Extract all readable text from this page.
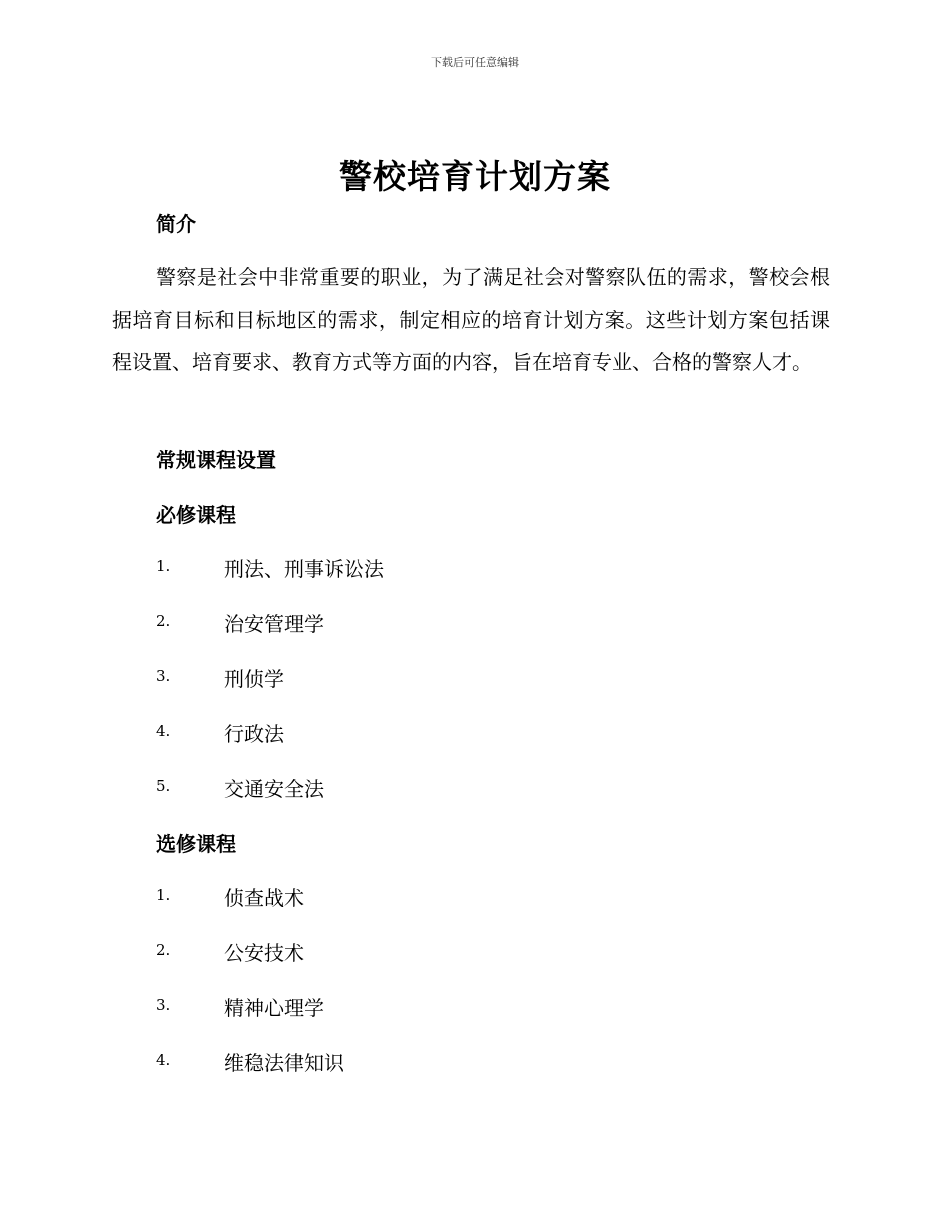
下载后可任意编辑
警校培育计划方案
简介

警察是社会中非常重要的职业，为了满足社会对警察队伍的需求，警校会根据培育目标和目标地区的需求，制定相应的培育计划方案。这些计划方案包括课程设置、培育要求、教育方式等方面的内容，旨在培育专业、合格的警察人才。

常规课程设置
必修课程
1.	刑法、刑事诉讼法
2.	治安管理学
3.	刑侦学
4.	行政法
5.	交通安全法
选修课程
1.	侦查战术
2.	公安技术
3.	精神心理学
4.	维稳法律知识
